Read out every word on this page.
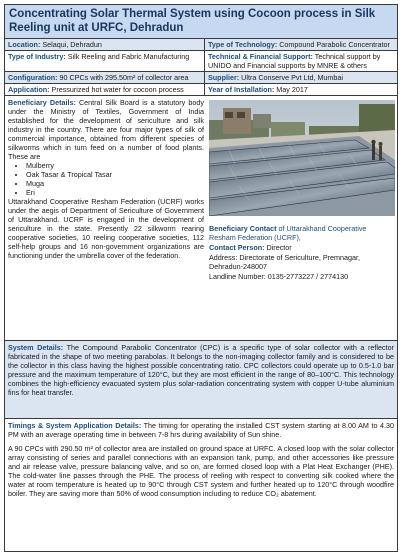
Concentrating Solar Thermal System using Cocoon process in Silk Reeling unit at URFC, Dehradun
Location: Selaqui, Dehradun	Type of Technology: Compound Parabolic Concentrator
Type of Industry: Silk Reeling and Fabric Manufacturing	Technical & Financial Support: Technical support by UNIDO and Financial supports by MNRE & others
Configuration: 90 CPCs with 295.50m² of collector area	Supplier: Ultra Conserve Pvt Ltd, Mumbai
Application: Pressurized hot water for cocoon process	Year of Installation: May 2017

Beneficiary Details: Central Silk Board is a statutory body under the Ministry of Textiles, Government of India established for the development of sericulture and silk industry in the country. There are four major types of silk of commercial importance, obtained from different species of silkworms which in turn feed on a number of food plants. These are

• Mulberry
• Oak Tasar & Tropical Tasar
• Muga
• Eri

Uttarakhand Cooperative Resham Federation (UCRF) works under the aegis of Department of Sericulture of Government of Uttarakhand. UCRF is engaged in the development of sericulture in the state. Presently 22 silkworm rearing cooperative societies, 10 reeling cooperative societies, 112 self-help groups and 16 non-government organizations are functioning under the umbrella cover of the federation.

Beneficiary Contact of Uttarakhand Cooperative Resham Federation (UCRF),

Contact Person: Director

Address: Directorate of Sericulture, Premnagar, Dehradun-248007

Landline Number: 0135-2773227 / 2774130

System Details: The Compound Parabolic Concentrator (CPC) is a specific type of solar collector with a reflector fabricated in the shape of two meeting parabolas. It belongs to the non-imaging collector family and is considered to be the collector in this class having the highest possible concentrating ratio. CPC collectors could operate up to 0.5-1.0 bar pressure and the maximum temperature of 120°C, but they are most efficient in the range of 80–100°C. This technology combines the high-efficiency evacuated system plus solar-radiation concentrating system with copper U-tube aluminium fins for heat transfer.

Timings & System Application Details: The timing for operating the installed CST system starting at 8.00 AM to 4.30 PM with an average operating time in between 7-8 hrs during availability of Sun shine.

A 90 CPCs with 290.50 m² of collector area are installed on ground space at URFC. A closed loop with the solar collector array consisting of series and parallel connections with an expansion tank, pump, and other accessories like pressure and air release valve, pressure balancing valve, and so on, are formed closed loop with a Plat Heat Exchanger (PHE). The cold-water line passes through the PHE. The process of reeling with respect to converting silk cooked where the water at room temperature is heated up to 90°C through CST system and further heated up to 120°C through woodfire boiler. They are saving more than 50% of wood consumption including to reduce CO₂ abatement.
